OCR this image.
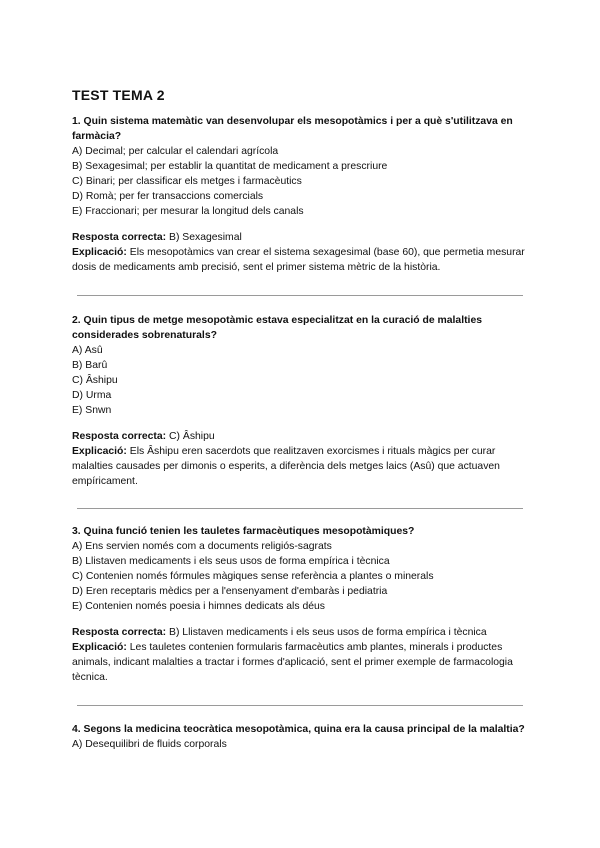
TEST TEMA 2
1. Quin sistema matemàtic van desenvolupar els mesopotàmics i per a què s'utilitzava en farmàcia?
A) Decimal; per calcular el calendari agrícola
B) Sexagesimal; per establir la quantitat de medicament a prescriure
C) Binari; per classificar els metges i farmacèutics
D) Romà; per fer transaccions comercials
E) Fraccionari; per mesurar la longitud dels canals
Resposta correcta: B) Sexagesimal
Explicació: Els mesopotàmics van crear el sistema sexagesimal (base 60), que permetia mesurar dosis de medicaments amb precisió, sent el primer sistema mètric de la història.
2. Quin tipus de metge mesopotàmic estava especialitzat en la curació de malalties considerades sobrenaturals?
A) Asû
B) Barû
C) Âshipu
D) Urma
E) Snwn
Resposta correcta: C) Âshipu
Explicació: Els Âshipu eren sacerdots que realitzaven exorcismes i rituals màgics per curar malalties causades per dimonis o esperits, a diferència dels metges laics (Asû) que actuaven empíricament.
3. Quina funció tenien les tauletes farmacèutiques mesopotàmiques?
A) Ens servien només com a documents religiós-sagrats
B) Llistaven medicaments i els seus usos de forma empírica i tècnica
C) Contenien només fórmules màgiques sense referència a plantes o minerals
D) Eren receptaris mèdics per a l'ensenyament d'embaràs i pediatria
E) Contenien només poesia i himnes dedicats als déus
Resposta correcta: B) Llistaven medicaments i els seus usos de forma empírica i tècnica
Explicació: Les tauletes contenien formularis farmacèutics amb plantes, minerals i productes animals, indicant malalties a tractar i formes d'aplicació, sent el primer exemple de farmacologia tècnica.
4. Segons la medicina teocràtica mesopotàmica, quina era la causa principal de la malaltia?
A) Desequilibri de fluids corporals
